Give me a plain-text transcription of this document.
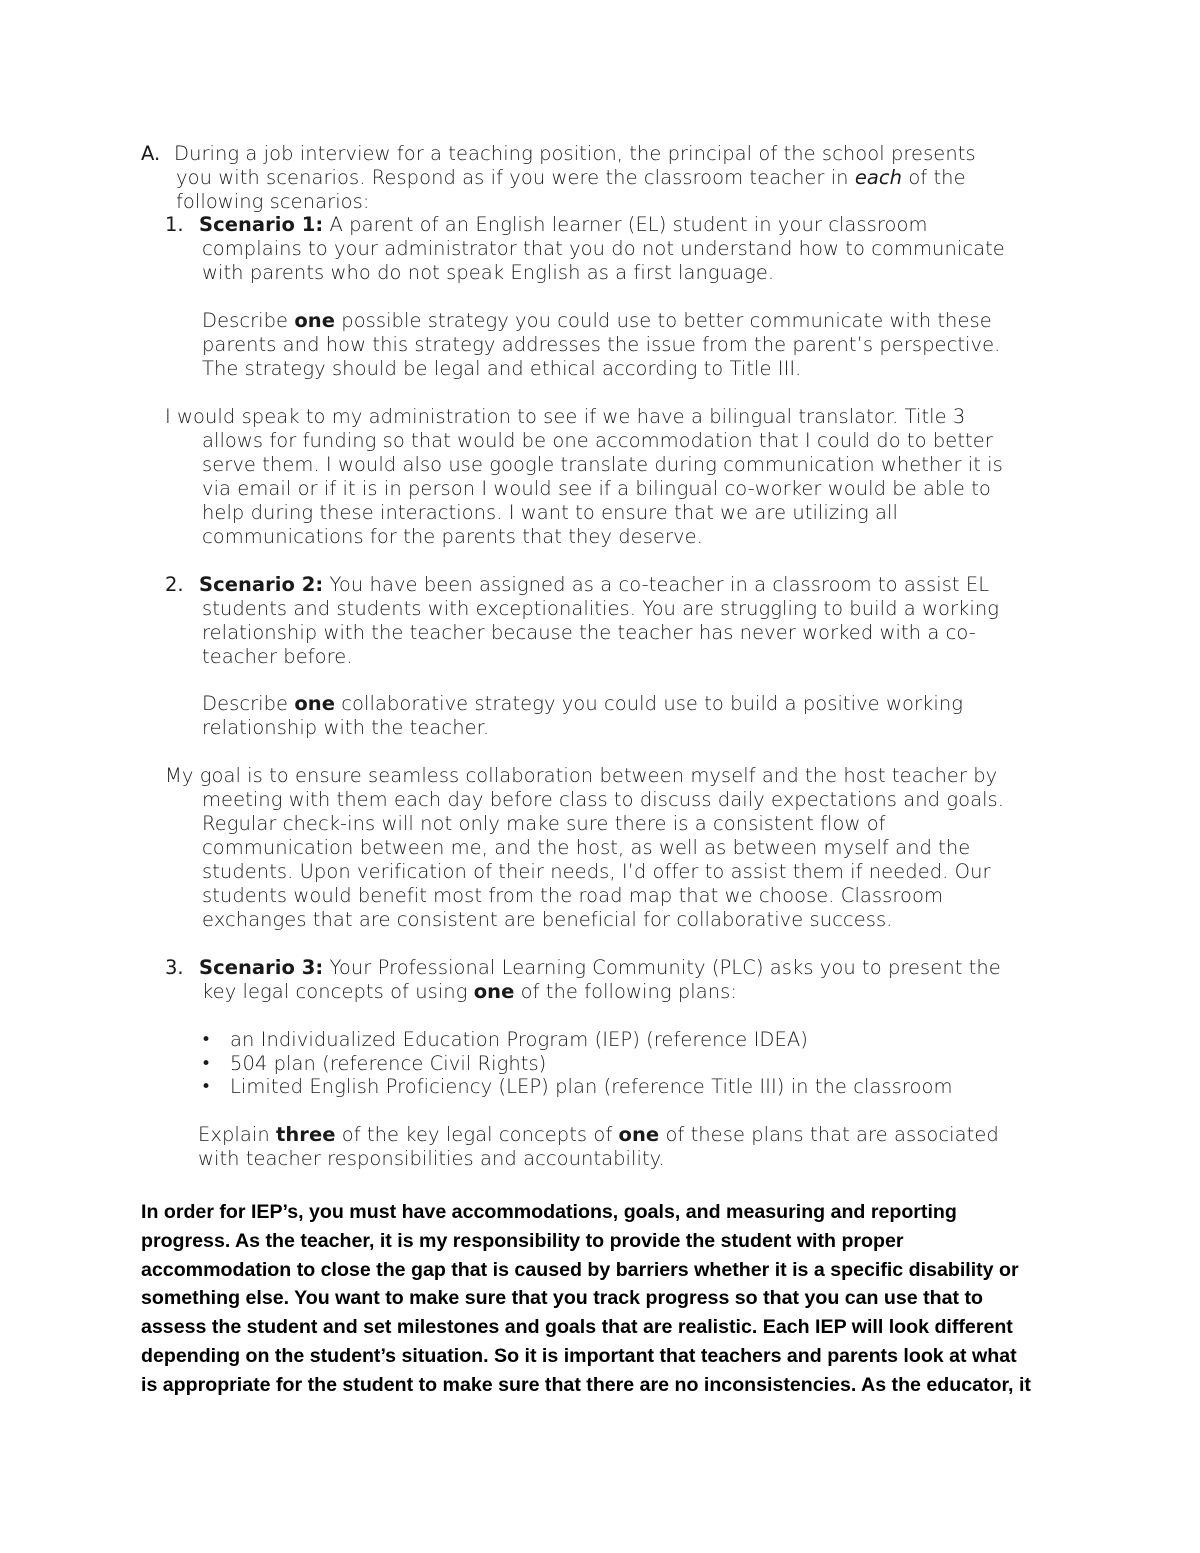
A. During a job interview for a teaching position, the principal of the school presents
you with scenarios. Respond as if you were the classroom teacher in each of the
following scenarios:
1. Scenario 1: A parent of an English learner (EL) student in your classroom
complains to your administrator that you do not understand how to communicate
with parents who do not speak English as a first language.
Describe one possible strategy you could use to better communicate with these
parents and how this strategy addresses the issue from the parent’s perspective.
The strategy should be legal and ethical according to Title III.
I would speak to my administration to see if we have a bilingual translator. Title 3
allows for funding so that would be one accommodation that I could do to better
serve them. I would also use google translate during communication whether it is
via email or if it is in person I would see if a bilingual co-worker would be able to
help during these interactions. I want to ensure that we are utilizing all
communications for the parents that they deserve.
2. Scenario 2: You have been assigned as a co-teacher in a classroom to assist EL
students and students with exceptionalities. You are struggling to build a working
relationship with the teacher because the teacher has never worked with a co-
teacher before.
Describe one collaborative strategy you could use to build a positive working
relationship with the teacher.
My goal is to ensure seamless collaboration between myself and the host teacher by
meeting with them each day before class to discuss daily expectations and goals.
Regular check-ins will not only make sure there is a consistent flow of
communication between me, and the host, as well as between myself and the
students. Upon verification of their needs, I’d offer to assist them if needed. Our
students would benefit most from the road map that we choose. Classroom
exchanges that are consistent are beneficial for collaborative success.
3. Scenario 3: Your Professional Learning Community (PLC) asks you to present the
key legal concepts of using one of the following plans:
• an Individualized Education Program (IEP) (reference IDEA)
• 504 plan (reference Civil Rights)
• Limited English Proficiency (LEP) plan (reference Title III) in the classroom
Explain three of the key legal concepts of one of these plans that are associated
with teacher responsibilities and accountability.
In order for IEP’s, you must have accommodations, goals, and measuring and reporting
progress. As the teacher, it is my responsibility to provide the student with proper
accommodation to close the gap that is caused by barriers whether it is a specific disability or
something else. You want to make sure that you track progress so that you can use that to
assess the student and set milestones and goals that are realistic. Each IEP will look different
depending on the student’s situation. So it is important that teachers and parents look at what
is appropriate for the student to make sure that there are no inconsistencies. As the educator, it
